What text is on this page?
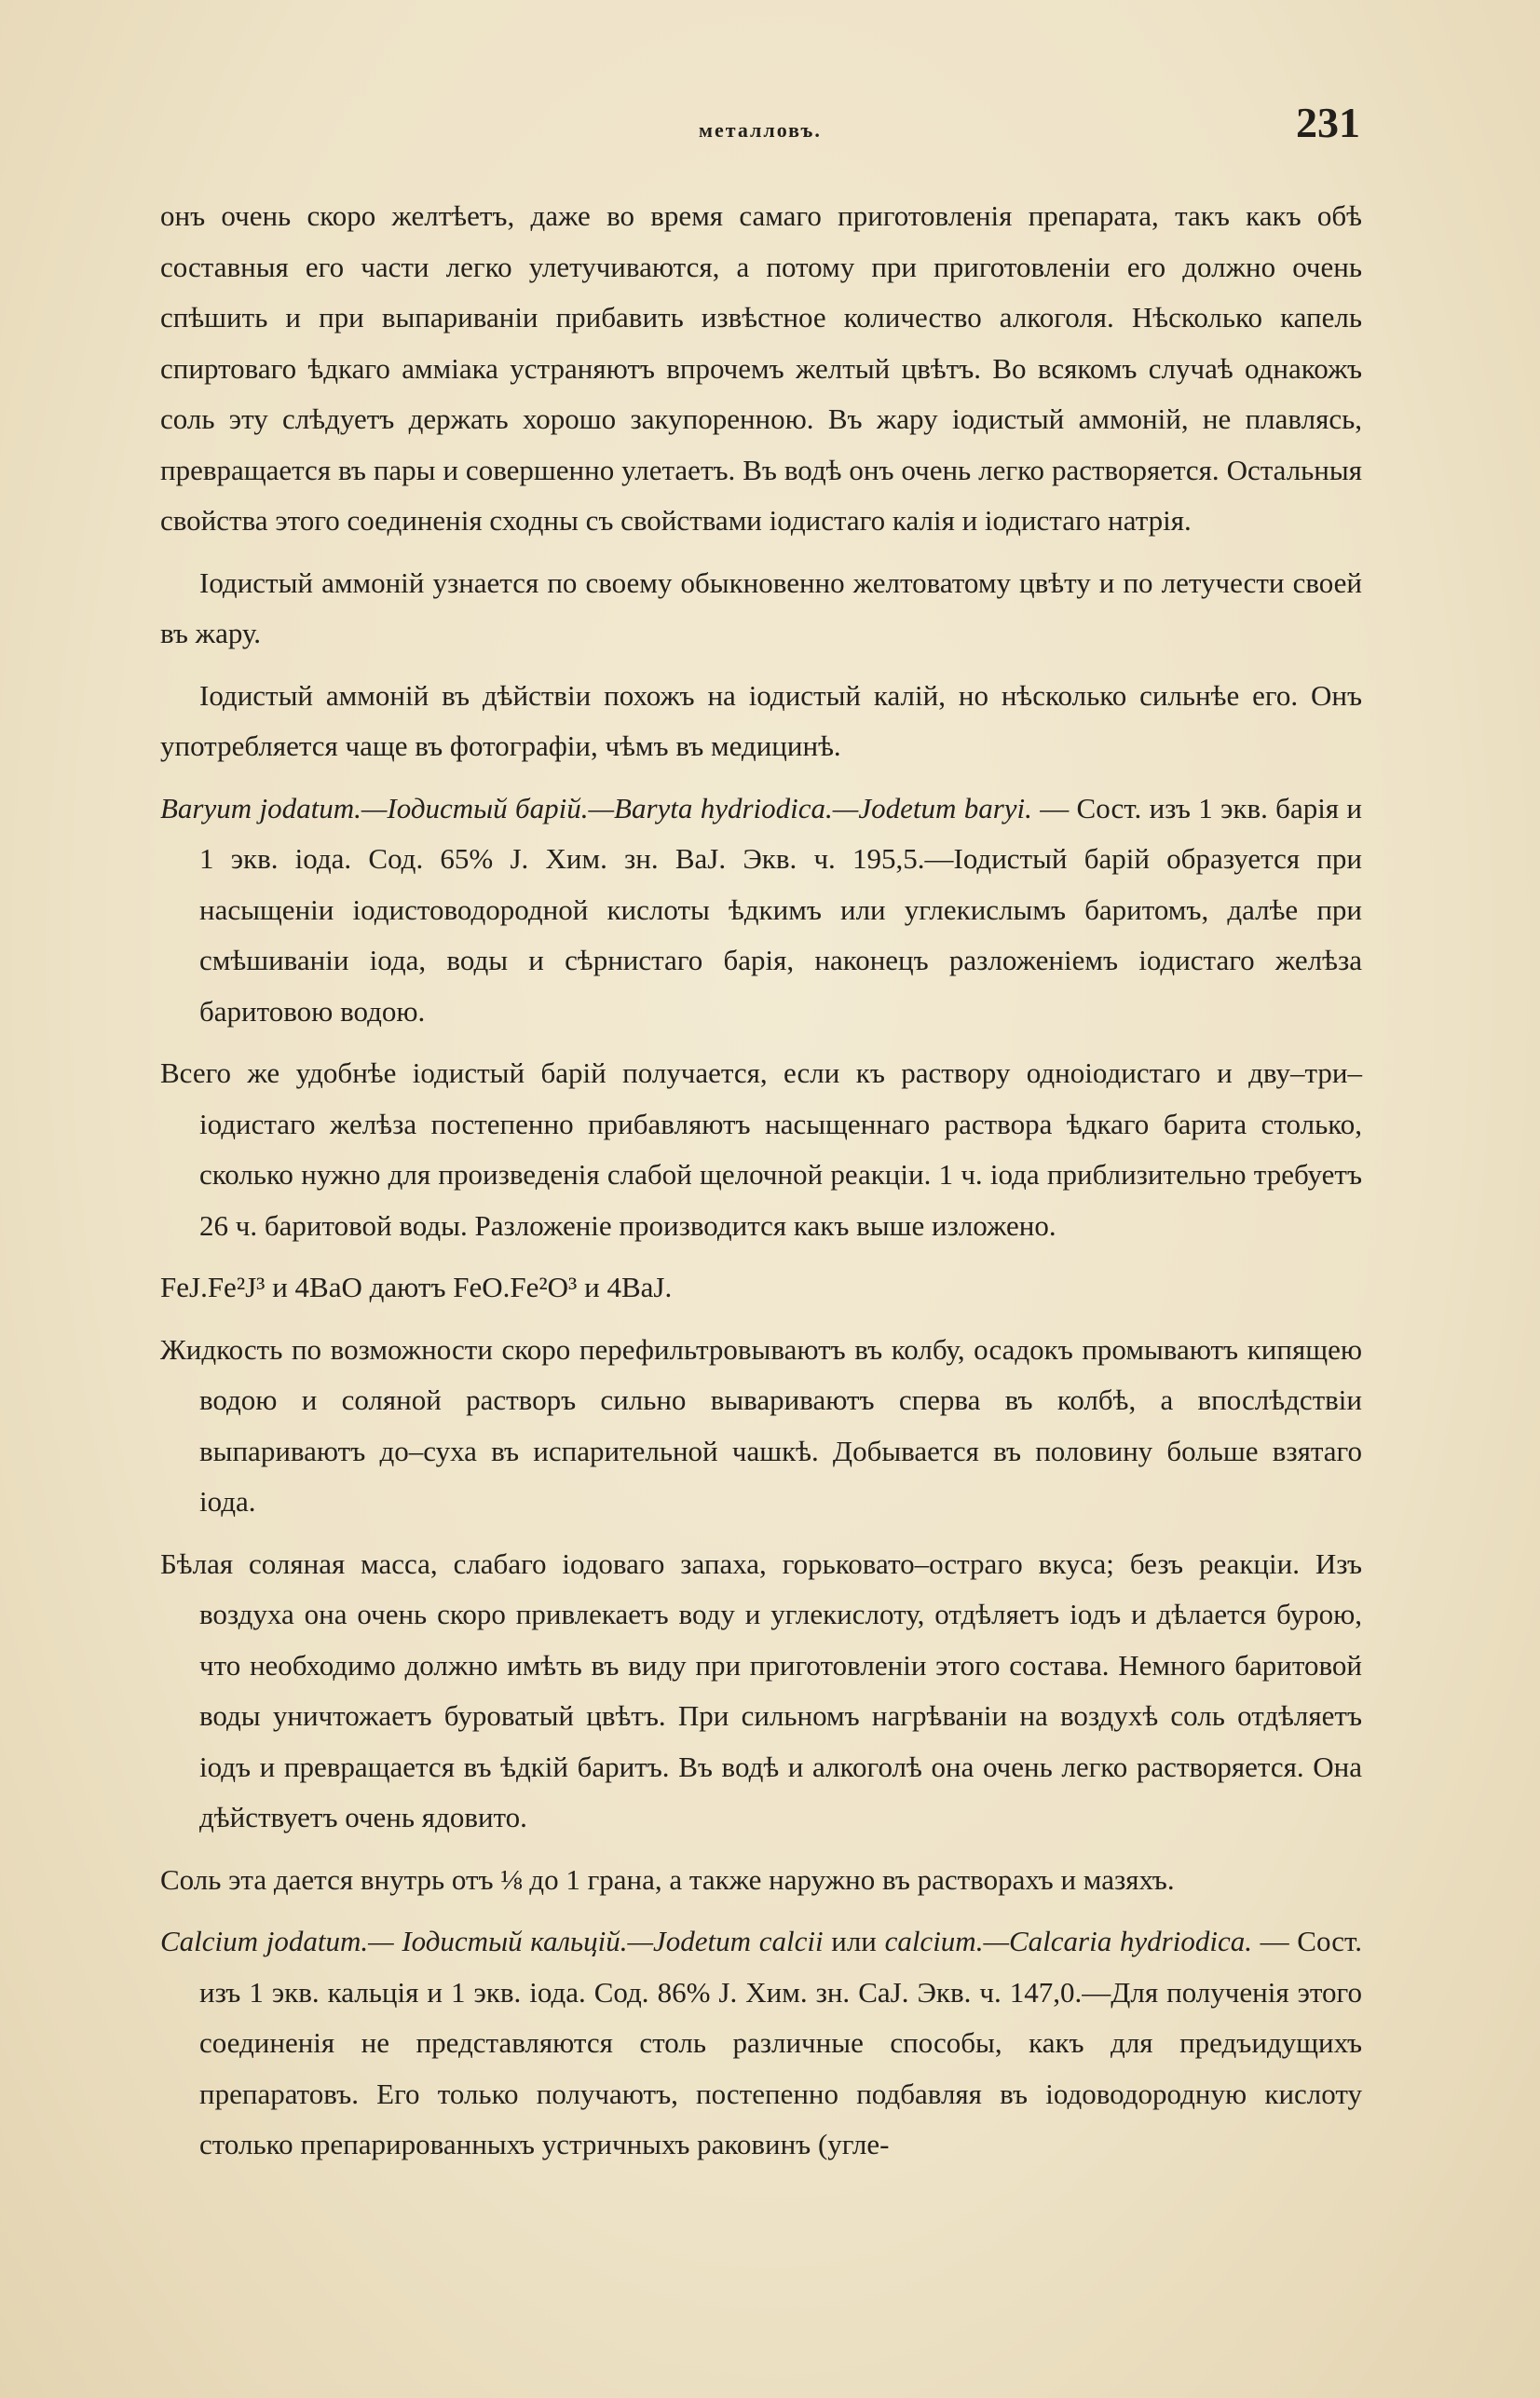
металловъ.	231

онъ очень скоро желтѣетъ, даже во время самаго приготовленія препарата, такъ какъ обѣ составныя его части легко улетучиваются, а потому при приготовленіи его должно очень спѣшить и при выпариваніи прибавить извѣстное количество алкоголя. Нѣсколько капель спиртоваго ѣдкаго амміака устраняютъ впрочемъ желтый цвѣтъ. Во всякомъ случаѣ однакожъ соль эту слѣдуетъ держать хорошо закупоренною. Въ жару іодистый аммоній, не плавлясь, превращается въ пары и совершенно улетаетъ. Въ водѣ онъ очень легко растворяется. Остальныя свойства этого соединенія сходны съ свойствами іодистаго калія и іодистаго натрія.

Іодистый аммоній узнается по своему обыкновенно желтоватому цвѣту и по летучести своей въ жару.

Іодистый аммоній въ дѣйствіи похожъ на іодистый калій, но нѣсколько сильнѣе его. Онъ употребляется чаще въ фотографіи, чѣмъ въ медицинѣ.

Baryum jodatum.—Іодистый барій.—Baryta hydriodica.—Jodetum baryi. — Сост. изъ 1 экв. барія и 1 экв. іода. Сод. 65% J. Хим. зн. BaJ. Экв. ч. 195,5.—Іодистый барій образуется при насыщеніи іодистоводородной кислоты ѣдкимъ или углекислымъ баритомъ, далѣе при смѣшиваніи іода, воды и сѣрнистаго барія, наконецъ разложеніемъ іодистаго желѣза баритовою водою.

Всего же удобнѣе іодистый барій получается, если къ раствору одноіодистаго и дву–три–іодистаго желѣза постепенно прибавляютъ насыщеннаго раствора ѣдкаго барита столько, сколько нужно для произведенія слабой щелочной реакціи. 1 ч. іода приблизительно требуетъ 26 ч. баритовой воды. Разложеніе производится какъ выше изложено.

FeJ.Fe²J³ и 4BaO даютъ FeO.Fe²O³ и 4BaJ.

Жидкость по возможности скоро перефильтровываютъ въ колбу, осадокъ промываютъ кипящею водою и соляной растворъ сильно вывариваютъ сперва въ колбѣ, а впослѣдствіи выпариваютъ до–суха въ испарительной чашкѣ. Добывается въ половину больше взятаго іода.

Бѣлая соляная масса, слабаго іодоваго запаха, горьковато–остраго вкуса; безъ реакціи. Изъ воздуха она очень скоро привлекаетъ воду и углекислоту, отдѣляетъ іодъ и дѣлается бурою, что необходимо должно имѣть въ виду при приготовленіи этого состава. Немного баритовой воды уничтожаетъ буроватый цвѣтъ. При сильномъ нагрѣваніи на воздухѣ соль отдѣляетъ іодъ и превращается въ ѣдкій баритъ. Въ водѣ и алкоголѣ она очень легко растворяется. Она дѣйствуетъ очень ядовито.

Соль эта дается внутрь отъ ⅛ до 1 грана, а также наружно въ растворахъ и мазяхъ.

Calcium jodatum.— Іодистый кальцій.—Jodetum calcii или calcium.—Calcaria hydriodica. — Сост. изъ 1 экв. кальція и 1 экв. іода. Сод. 86% J. Хим. зн. CaJ. Экв. ч. 147,0.—Для полученія этого соединенія не представляются столь различные способы, какъ для предъидущихъ препаратовъ. Его только получаютъ, постепенно подбавляя въ іодоводородную кислоту столько препарированныхъ устричныхъ раковинъ (угле-
